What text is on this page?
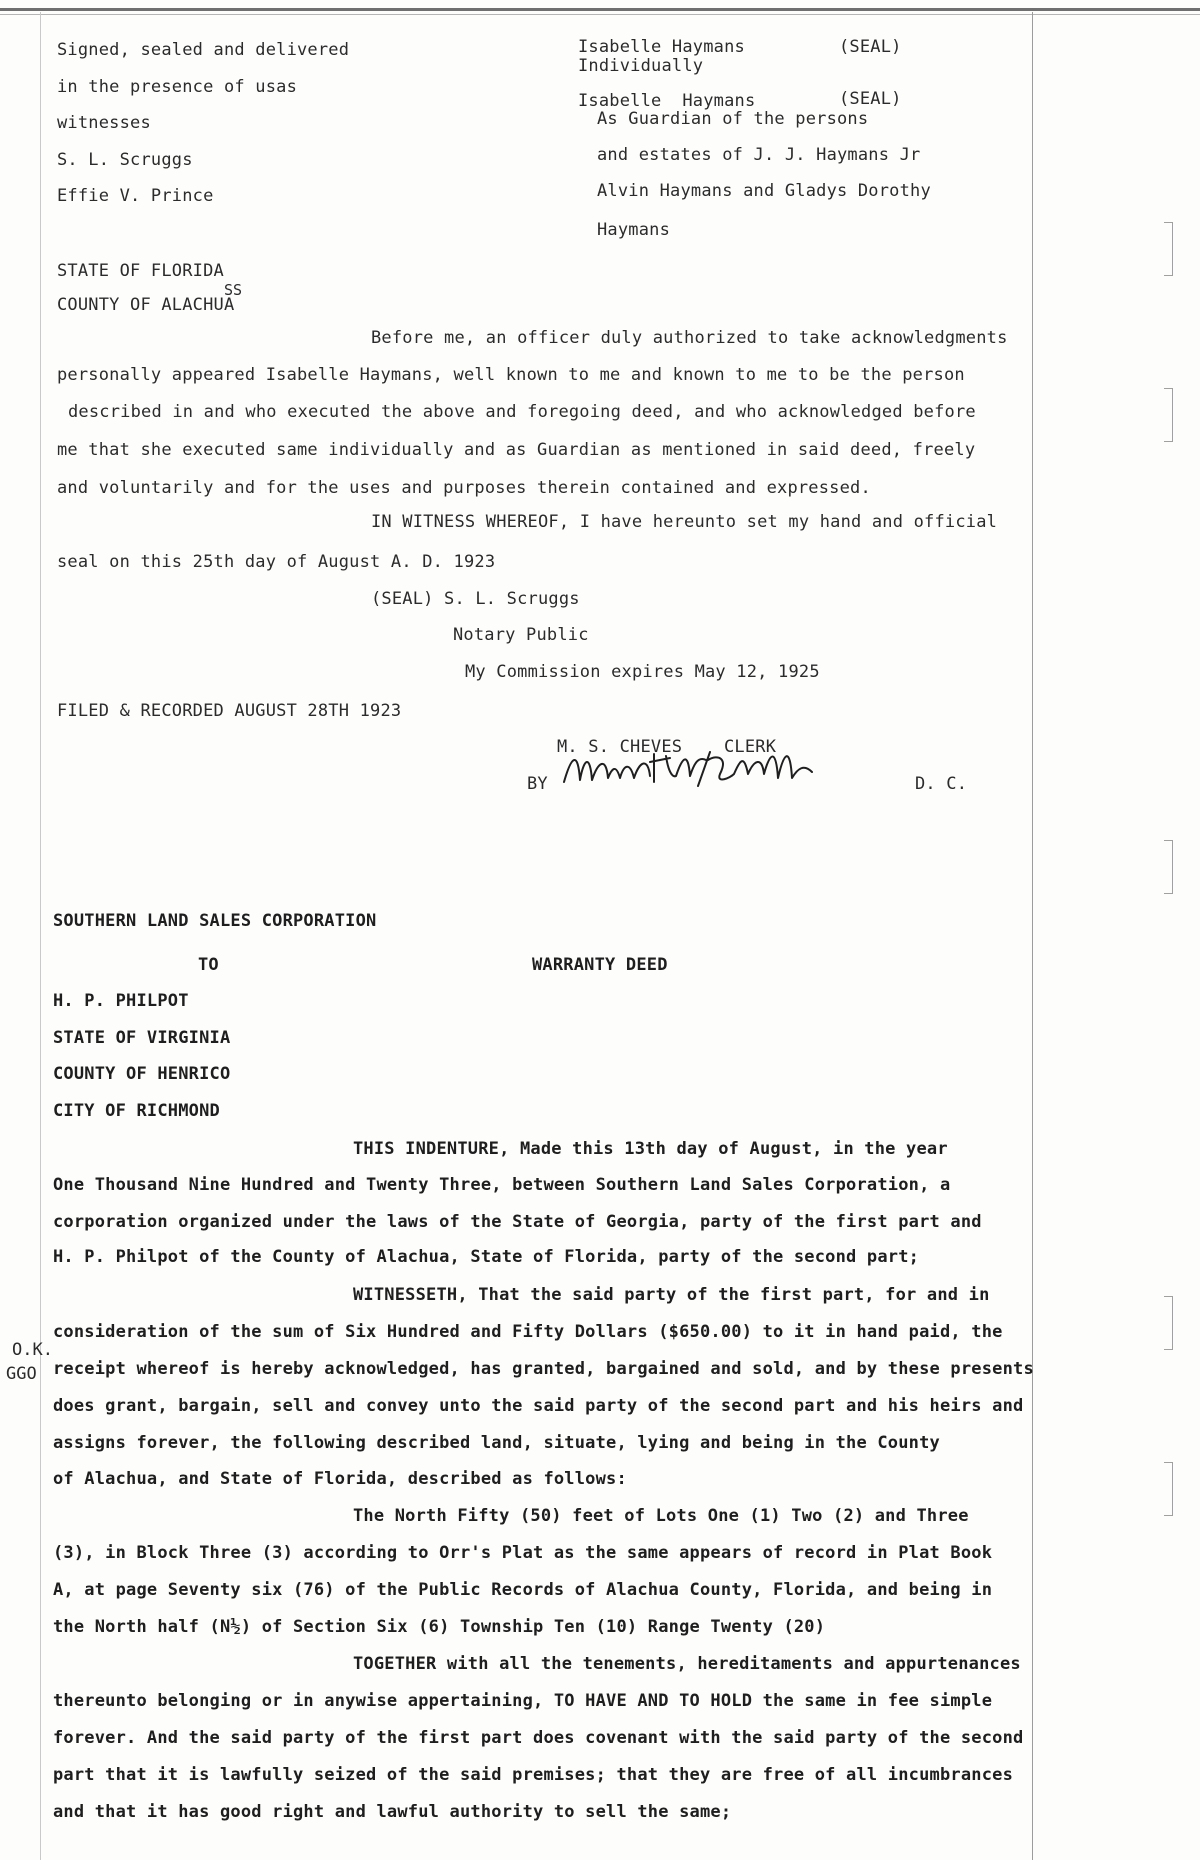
Signed, sealed and delivered
in the presence of usas
witnesses
S. L. Scruggs
Effie V. Prince
Isabelle Haymans	(SEAL)
Individually
Isabelle  Haymans	(SEAL)
As Guardian of the persons
and estates of J. J. Haymans Jr
Alvin Haymans and Gladys Dorothy
Haymans
STATE OF FLORIDA
SS
COUNTY OF ALACHUA
Before me, an officer duly authorized to take acknowledgments
personally appeared Isabelle Haymans, well known to me and known to me to be the person
described in and who executed the above and foregoing deed, and who acknowledged before
me that she executed same individually and as Guardian as mentioned in said deed, freely
and voluntarily and for the uses and purposes therein contained and expressed.
IN WITNESS WHEREOF, I have hereunto set my hand and official
seal on this 25th day of August A. D. 1923
(SEAL) S. L. Scruggs
Notary Public
My Commission expires May 12, 1925
FILED & RECORDED AUGUST 28TH 1923
M. S. CHEVES    CLERK
BY	D. C.
SOUTHERN LAND SALES CORPORATION
TO	WARRANTY DEED
H. P. PHILPOT
STATE OF VIRGINIA
COUNTY OF HENRICO
CITY OF RICHMOND
THIS INDENTURE, Made this 13th day of August, in the year
One Thousand Nine Hundred and Twenty Three, between Southern Land Sales Corporation, a
corporation organized under the laws of the State of Georgia, party of the first part and
H. P. Philpot of the County of Alachua, State of Florida, party of the second part;
WITNESSETH, That the said party of the first part, for and in
consideration of the sum of Six Hundred and Fifty Dollars ($650.00) to it in hand paid, the
receipt whereof is hereby acknowledged, has granted, bargained and sold, and by these presents
does grant, bargain, sell and convey unto the said party of the second part and his heirs and
assigns forever, the following described land, situate, lying and being in the County
of Alachua, and State of Florida, described as follows:
The North Fifty (50) feet of Lots One (1) Two (2) and Three
(3), in Block Three (3) according to Orr's Plat as the same appears of record in Plat Book
A, at page Seventy six (76) of the Public Records of Alachua County, Florida, and being in
the North half (N½) of Section Six (6) Township Ten (10) Range Twenty (20)
TOGETHER with all the tenements, hereditaments and appurtenances
thereunto belonging or in anywise appertaining, TO HAVE AND TO HOLD the same in fee simple
forever. And the said party of the first part does covenant with the said party of the second
part that it is lawfully seized of the said premises; that they are free of all incumbrances
and that it has good right and lawful authority to sell the same;
O.K.
GGO
